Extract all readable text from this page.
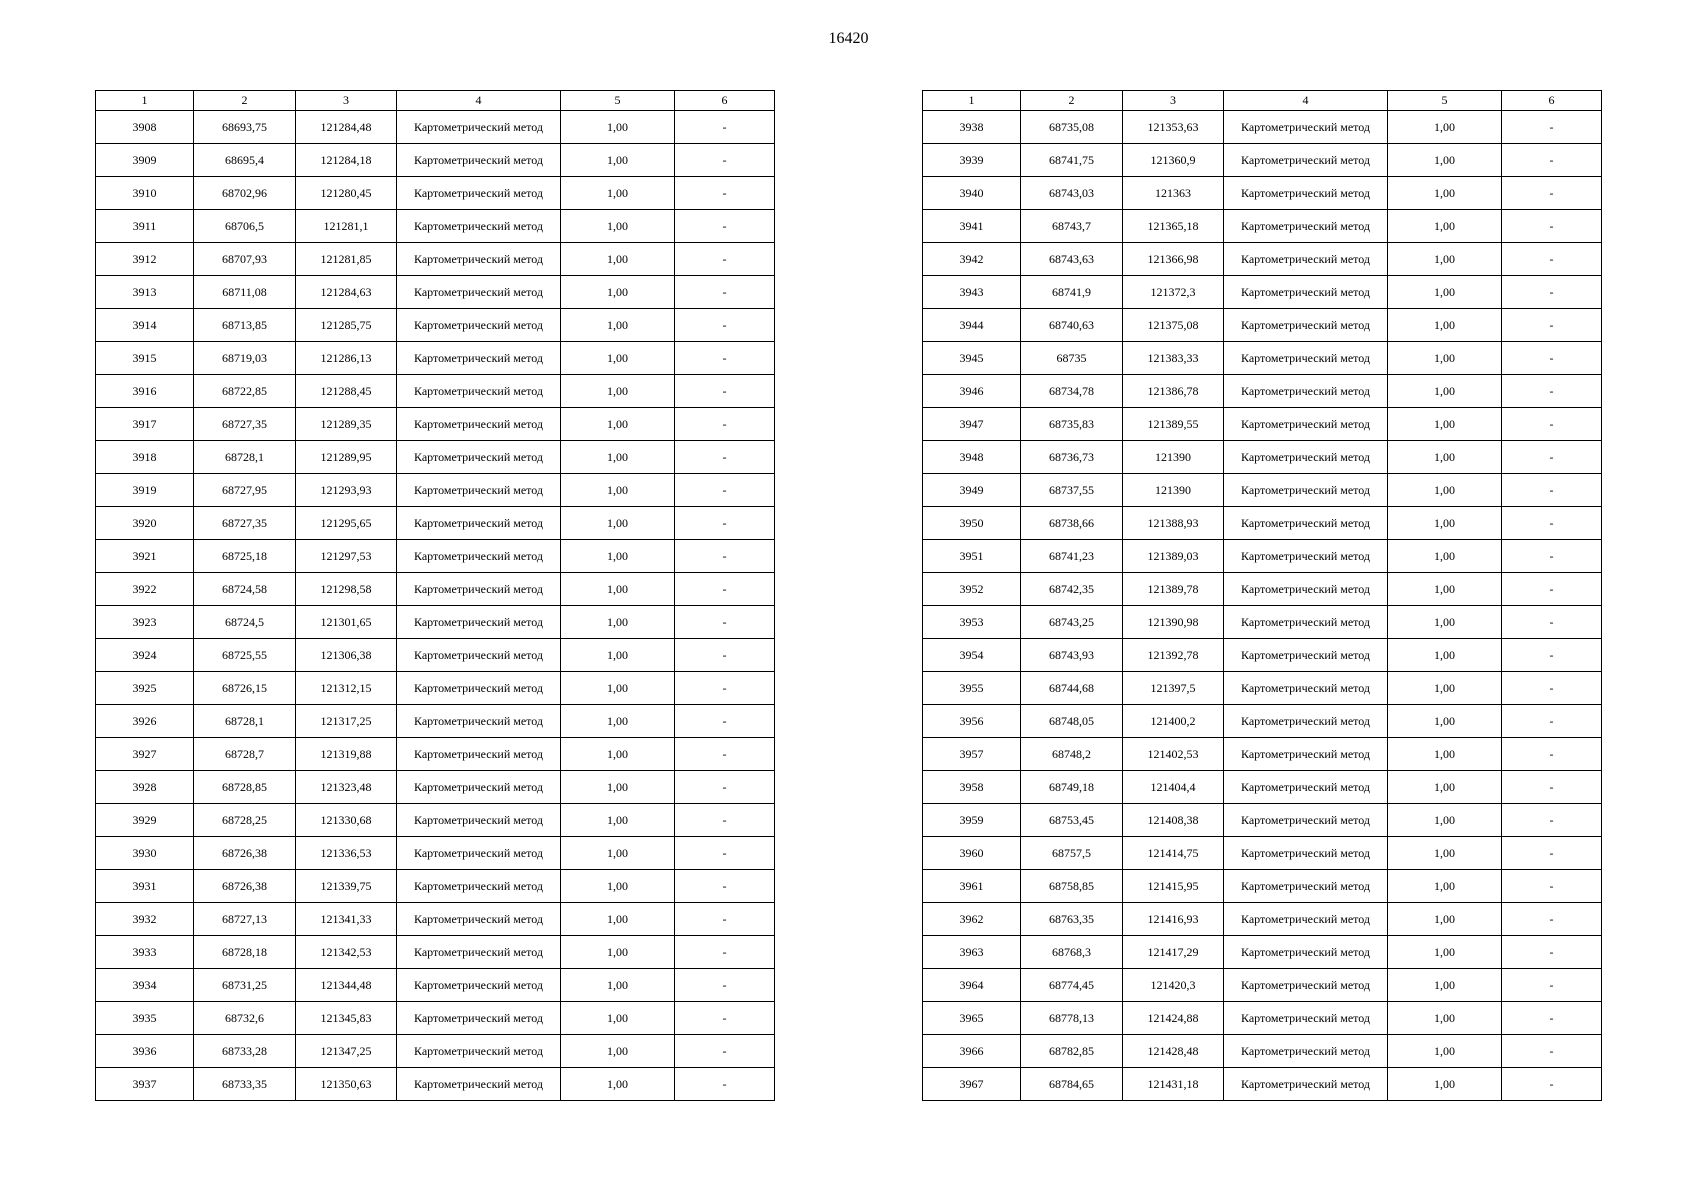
16420
1	2	3	4	5	6
3908	68693,75	121284,48	Картометрический метод	1,00	-
3909	68695,4	121284,18	Картометрический метод	1,00	-
3910	68702,96	121280,45	Картометрический метод	1,00	-
3911	68706,5	121281,1	Картометрический метод	1,00	-
3912	68707,93	121281,85	Картометрический метод	1,00	-
3913	68711,08	121284,63	Картометрический метод	1,00	-
3914	68713,85	121285,75	Картометрический метод	1,00	-
3915	68719,03	121286,13	Картометрический метод	1,00	-
3916	68722,85	121288,45	Картометрический метод	1,00	-
3917	68727,35	121289,35	Картометрический метод	1,00	-
3918	68728,1	121289,95	Картометрический метод	1,00	-
3919	68727,95	121293,93	Картометрический метод	1,00	-
3920	68727,35	121295,65	Картометрический метод	1,00	-
3921	68725,18	121297,53	Картометрический метод	1,00	-
3922	68724,58	121298,58	Картометрический метод	1,00	-
3923	68724,5	121301,65	Картометрический метод	1,00	-
3924	68725,55	121306,38	Картометрический метод	1,00	-
3925	68726,15	121312,15	Картометрический метод	1,00	-
3926	68728,1	121317,25	Картометрический метод	1,00	-
3927	68728,7	121319,88	Картометрический метод	1,00	-
3928	68728,85	121323,48	Картометрический метод	1,00	-
3929	68728,25	121330,68	Картометрический метод	1,00	-
3930	68726,38	121336,53	Картометрический метод	1,00	-
3931	68726,38	121339,75	Картометрический метод	1,00	-
3932	68727,13	121341,33	Картометрический метод	1,00	-
3933	68728,18	121342,53	Картометрический метод	1,00	-
3934	68731,25	121344,48	Картометрический метод	1,00	-
3935	68732,6	121345,83	Картометрический метод	1,00	-
3936	68733,28	121347,25	Картометрический метод	1,00	-
3937	68733,35	121350,63	Картометрический метод	1,00	-
1	2	3	4	5	6
3938	68735,08	121353,63	Картометрический метод	1,00	-
3939	68741,75	121360,9	Картометрический метод	1,00	-
3940	68743,03	121363	Картометрический метод	1,00	-
3941	68743,7	121365,18	Картометрический метод	1,00	-
3942	68743,63	121366,98	Картометрический метод	1,00	-
3943	68741,9	121372,3	Картометрический метод	1,00	-
3944	68740,63	121375,08	Картометрический метод	1,00	-
3945	68735	121383,33	Картометрический метод	1,00	-
3946	68734,78	121386,78	Картометрический метод	1,00	-
3947	68735,83	121389,55	Картометрический метод	1,00	-
3948	68736,73	121390	Картометрический метод	1,00	-
3949	68737,55	121390	Картометрический метод	1,00	-
3950	68738,66	121388,93	Картометрический метод	1,00	-
3951	68741,23	121389,03	Картометрический метод	1,00	-
3952	68742,35	121389,78	Картометрический метод	1,00	-
3953	68743,25	121390,98	Картометрический метод	1,00	-
3954	68743,93	121392,78	Картометрический метод	1,00	-
3955	68744,68	121397,5	Картометрический метод	1,00	-
3956	68748,05	121400,2	Картометрический метод	1,00	-
3957	68748,2	121402,53	Картометрический метод	1,00	-
3958	68749,18	121404,4	Картометрический метод	1,00	-
3959	68753,45	121408,38	Картометрический метод	1,00	-
3960	68757,5	121414,75	Картометрический метод	1,00	-
3961	68758,85	121415,95	Картометрический метод	1,00	-
3962	68763,35	121416,93	Картометрический метод	1,00	-
3963	68768,3	121417,29	Картометрический метод	1,00	-
3964	68774,45	121420,3	Картометрический метод	1,00	-
3965	68778,13	121424,88	Картометрический метод	1,00	-
3966	68782,85	121428,48	Картометрический метод	1,00	-
3967	68784,65	121431,18	Картометрический метод	1,00	-
